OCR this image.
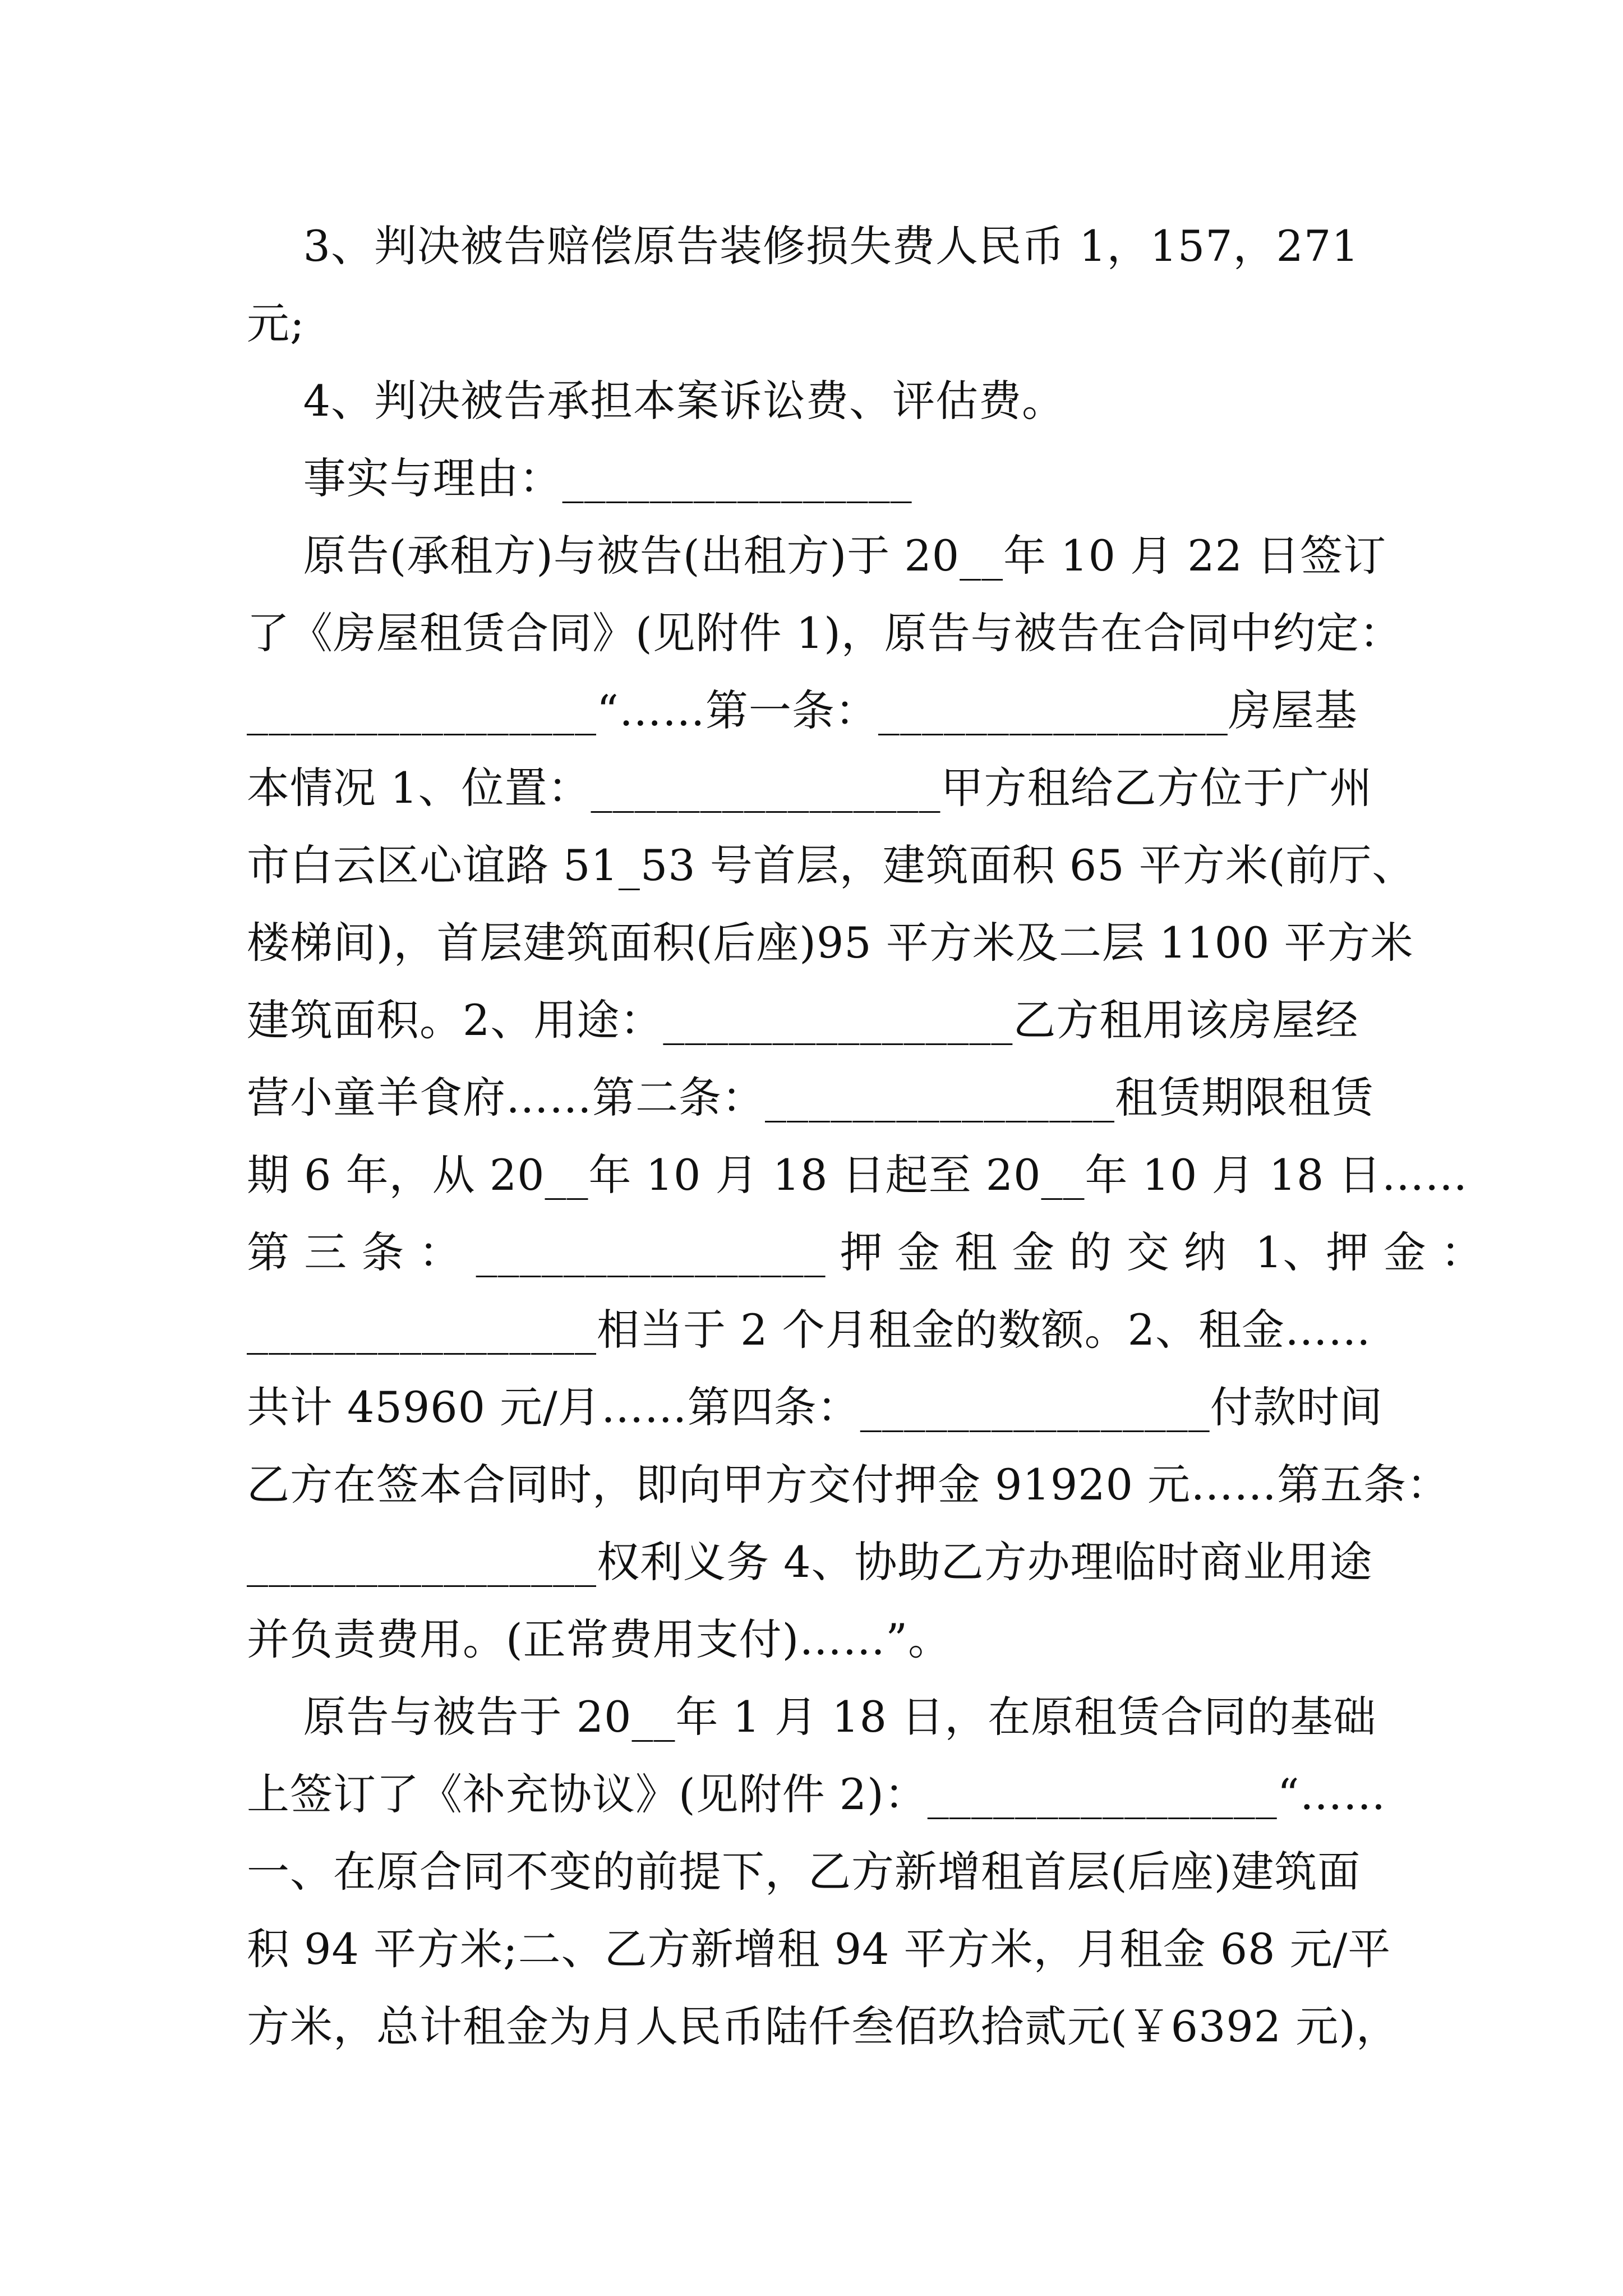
3、判决被告赔偿原告装修损失费人民币 1，157，271
元;
4、判决被告承担本案诉讼费、评估费。
事实与理由：________________
原告(承租方)与被告(出租方)于 20__年 10 月 22 日签订
了《房屋租赁合同》(见附件 1)，原告与被告在合同中约定：
________________“……第一条：________________房屋基
本情况 1、位置：________________甲方租给乙方位于广州
市白云区心谊路 51_53 号首层，建筑面积 65 平方米(前厅、
楼梯间)，首层建筑面积(后座)95 平方米及二层 1100 平方米
建筑面积。2、用途：________________乙方租用该房屋经
营小童羊食府……第二条：________________租赁期限租赁
期 6 年，从 20__年 10 月 18 日起至 20__年 10 月 18 日……
第 三 条 ： ________________ 押 金 租 金 的 交 纳  1、押 金 ：
________________相当于 2 个月租金的数额。2、租金……
共计 45960 元/月……第四条：________________付款时间
乙方在签本合同时，即向甲方交付押金 91920 元……第五条：
________________权利义务 4、协助乙方办理临时商业用途
并负责费用。(正常费用支付)……”。
原告与被告于 20__年 1 月 18 日，在原租赁合同的基础
上签订了《补充协议》(见附件 2)：________________“……
一、在原合同不变的前提下，乙方新增租首层(后座)建筑面
积 94 平方米;二、乙方新增租 94 平方米，月租金 68 元/平
方米，总计租金为月人民币陆仟叁佰玖拾贰元(￥6392 元)，
